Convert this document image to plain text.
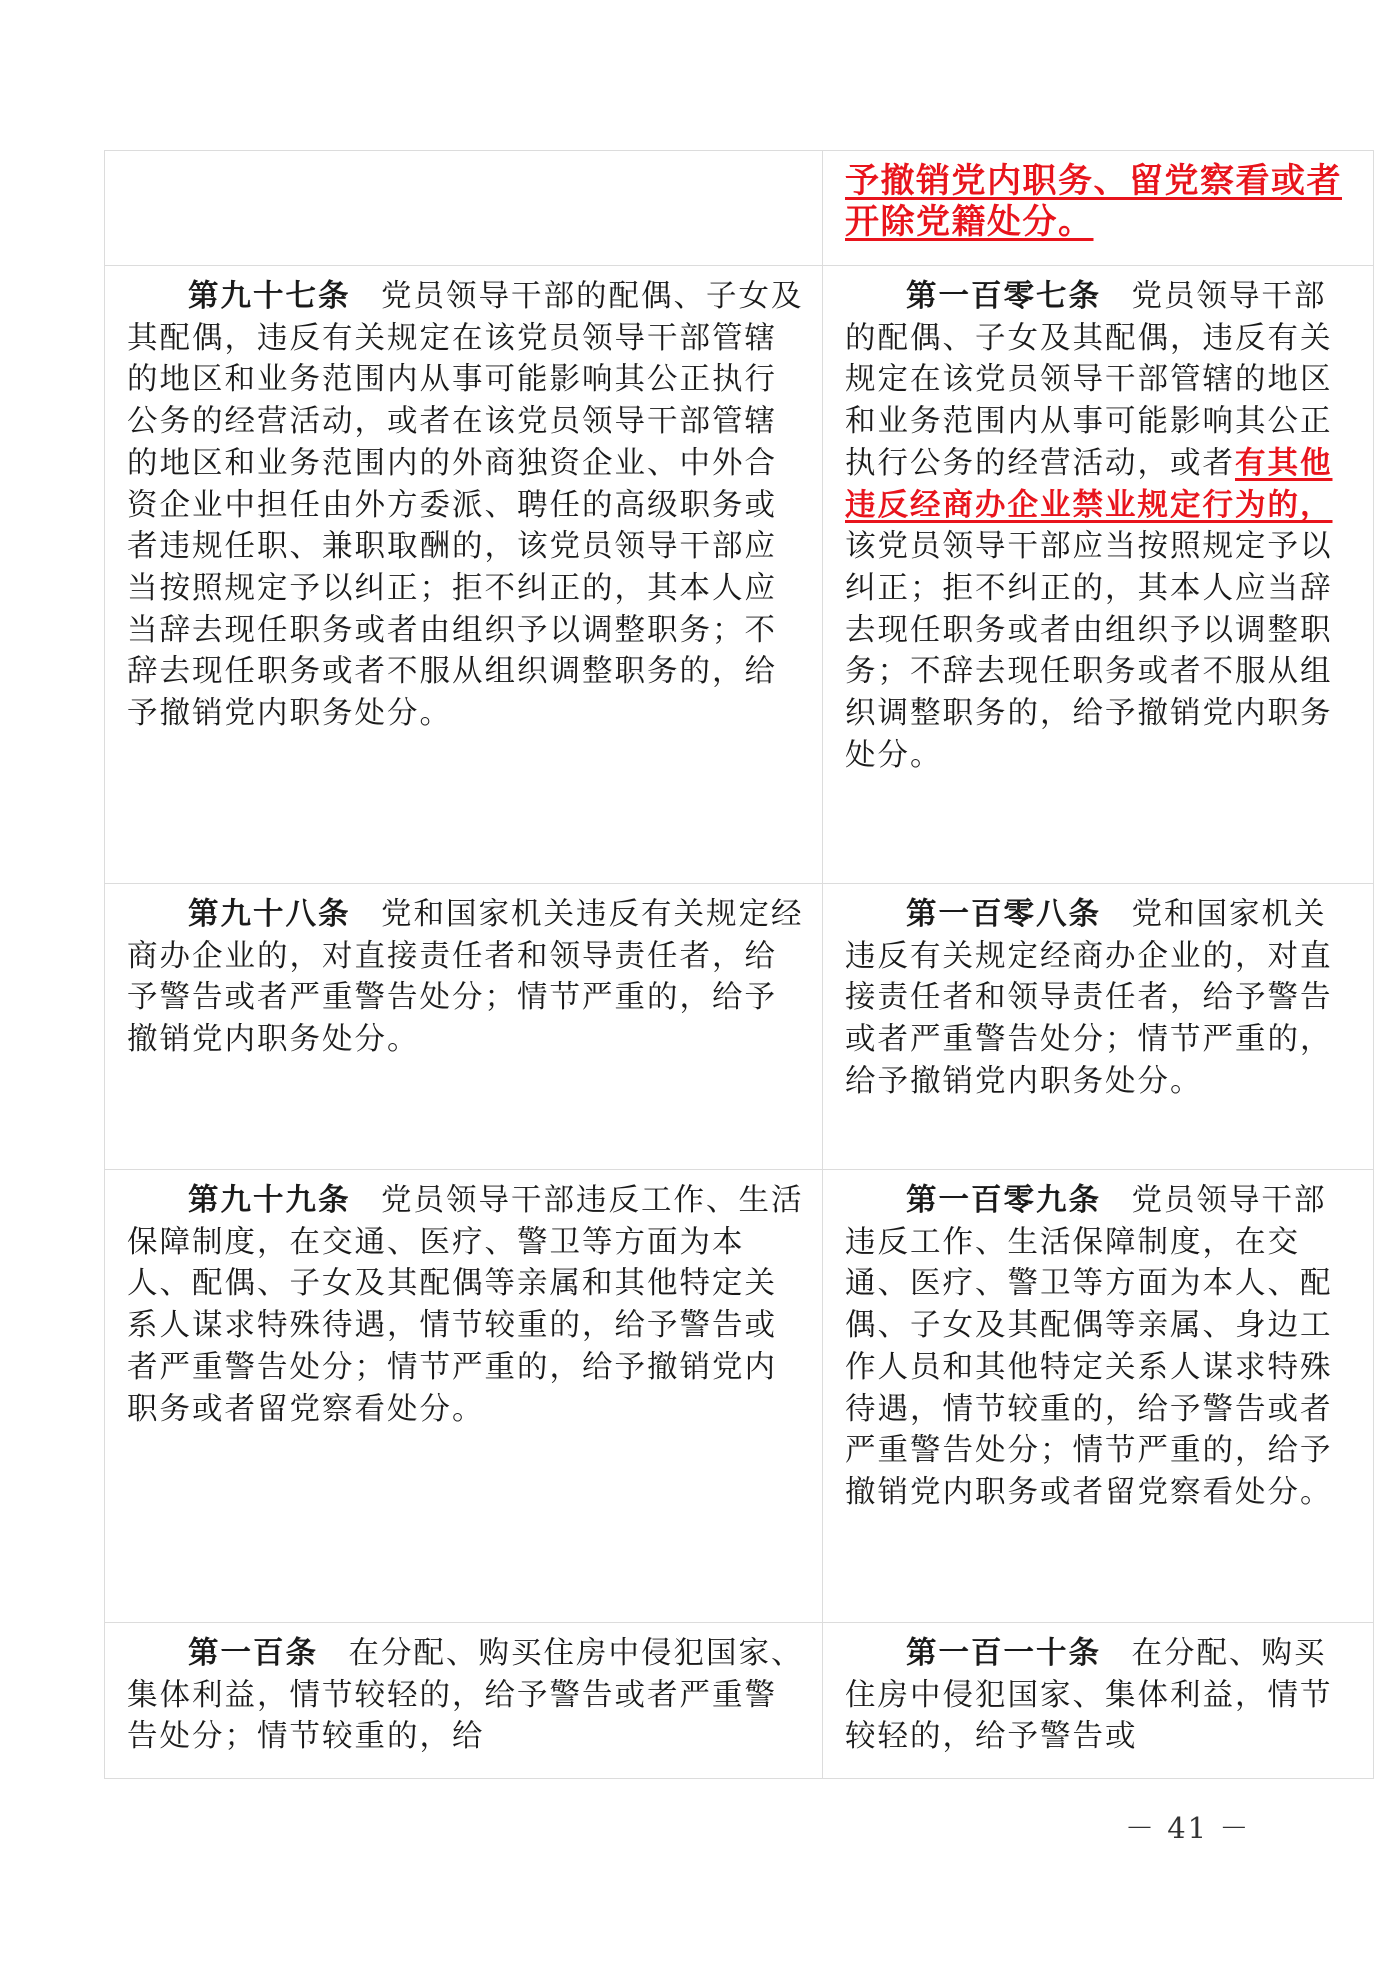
	予撤销党内职务、留党察看或者开除党籍处分。

第九十七条 党员领导干部的配偶、子女及其配偶，违反有关规定在该党员领导干部管辖的地区和业务范围内从事可能影响其公正执行公务的经营活动，或者在该党员领导干部管辖的地区和业务范围内的外商独资企业、中外合资企业中担任由外方委派、聘任的高级职务或者违规任职、兼职取酬的，该党员领导干部应当按照规定予以纠正；拒不纠正的，其本人应当辞去现任职务或者由组织予以调整职务；不辞去现任职务或者不服从组织调整职务的，给予撤销党内职务处分。	第一百零七条 党员领导干部的配偶、子女及其配偶，违反有关规定在该党员领导干部管辖的地区和业务范围内从事可能影响其公正执行公务的经营活动，或者有其他违反经商办企业禁业规定行为的，该党员领导干部应当按照规定予以纠正；拒不纠正的，其本人应当辞去现任职务或者由组织予以调整职务；不辞去现任职务或者不服从组织调整职务的，给予撤销党内职务处分。

第九十八条 党和国家机关违反有关规定经商办企业的，对直接责任者和领导责任者，给予警告或者严重警告处分；情节严重的，给予撤销党内职务处分。	第一百零八条 党和国家机关违反有关规定经商办企业的，对直接责任者和领导责任者，给予警告或者严重警告处分；情节严重的，给予撤销党内职务处分。

第九十九条 党员领导干部违反工作、生活保障制度，在交通、医疗、警卫等方面为本人、配偶、子女及其配偶等亲属和其他特定关系人谋求特殊待遇，情节较重的，给予警告或者严重警告处分；情节严重的，给予撤销党内职务或者留党察看处分。	第一百零九条 党员领导干部违反工作、生活保障制度，在交通、医疗、警卫等方面为本人、配偶、子女及其配偶等亲属、身边工作人员和其他特定关系人谋求特殊待遇，情节较重的，给予警告或者严重警告处分；情节严重的，给予撤销党内职务或者留党察看处分。

第一百条 在分配、购买住房中侵犯国家、集体利益，情节较轻的，给予警告或者严重警告处分；情节较重的，给	第一百一十条 在分配、购买住房中侵犯国家、集体利益，情节较轻的，给予警告或

－ 41 －
